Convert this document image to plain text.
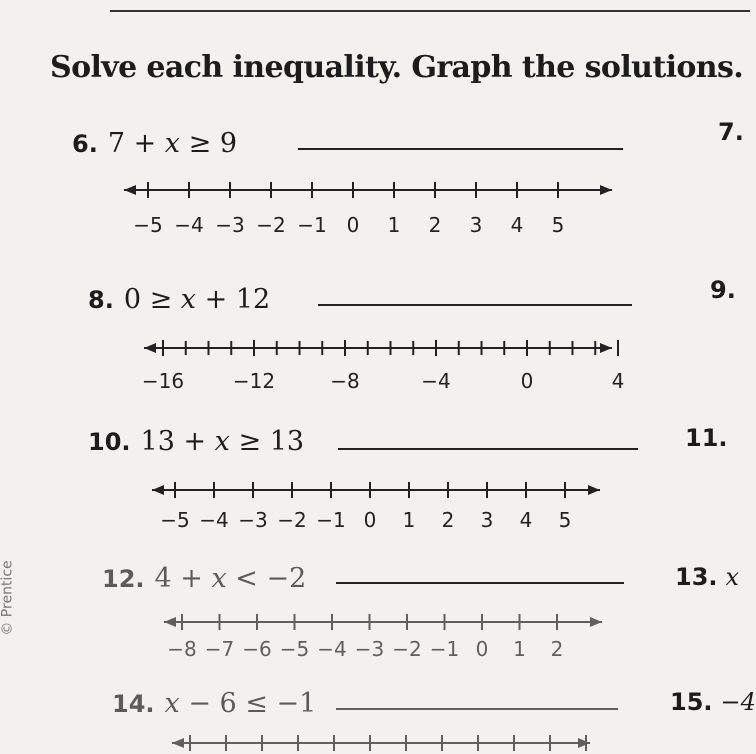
Solve each inequality. Graph the solutions.
© Prentice
6. 7 + x ≥ 9
−5 −4 −3 −2 −1 0 1 2 3 4 5
7.
8. 0 ≥ x + 12
−16 −12	−8	−4	0	4
9.
10. 13 + x ≥ 13
−5 −4 −3 −2 −1 0 1 2 3 4 5
11.
12. 4 + x < −2
−8 −7 −6 −5 −4 −3 −2 −1 0 1 2
13. x
14. x − 6 ≤ −1	15. −4
